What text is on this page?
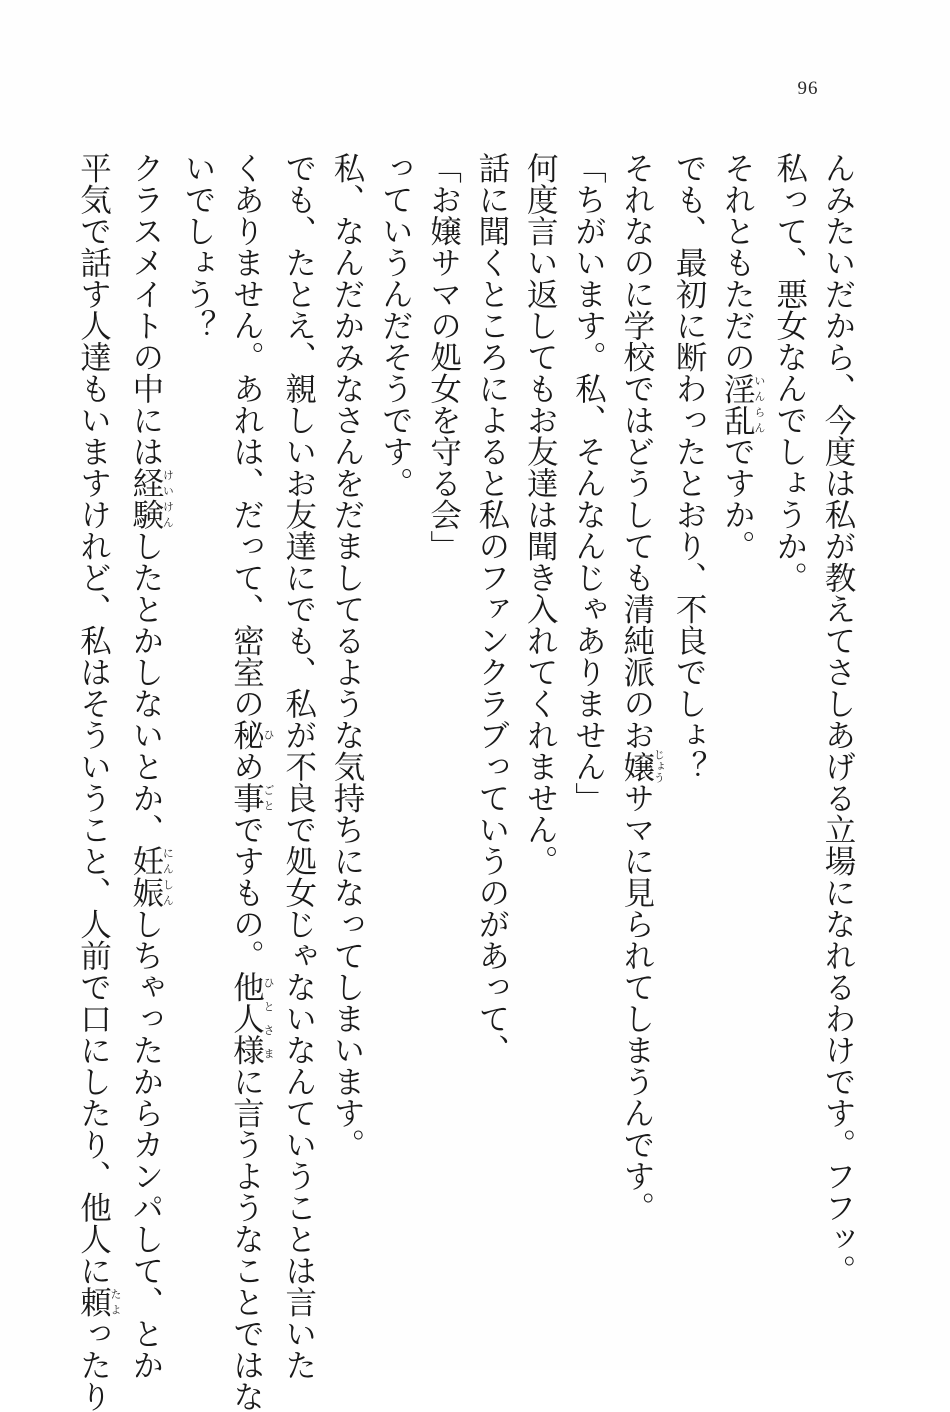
96
んみたいだから、今度は私が教えてさしあげる立場になれるわけです。フフッ。
私って、悪女なんでしょうか。
それともただの淫乱いんらんですか。
でも、最初に断わったとおり、不良でしょ？
それなのに学校ではどうしても清純派のお嬢じょうサマに見られてしまうんです。
「ちがいます。私、そんなんじゃありません」
何度言い返してもお友達は聞き入れてくれません。
話に聞くところによると私のファンクラブっていうのがあって、
「お嬢サマの処女を守る会」
っていうんだそうです。
私、なんだかみなさんをだましてるような気持ちになってしまいます。
でも、たとえ、親しいお友達にでも、私が不良で処女じゃないなんていうことは言いた
くありません。あれは、だって、密室の秘ひめ事ごとですもの。他人様ひとさまに言うようなことではな
いでしょう？
クラスメイトの中には経験けいけんしたとかしないとか、妊娠にんしんしちゃったからカンパして、とか
平気で話す人達もいますけれど、私はそういうこと、人前で口にしたり、他人に頼たよったり
